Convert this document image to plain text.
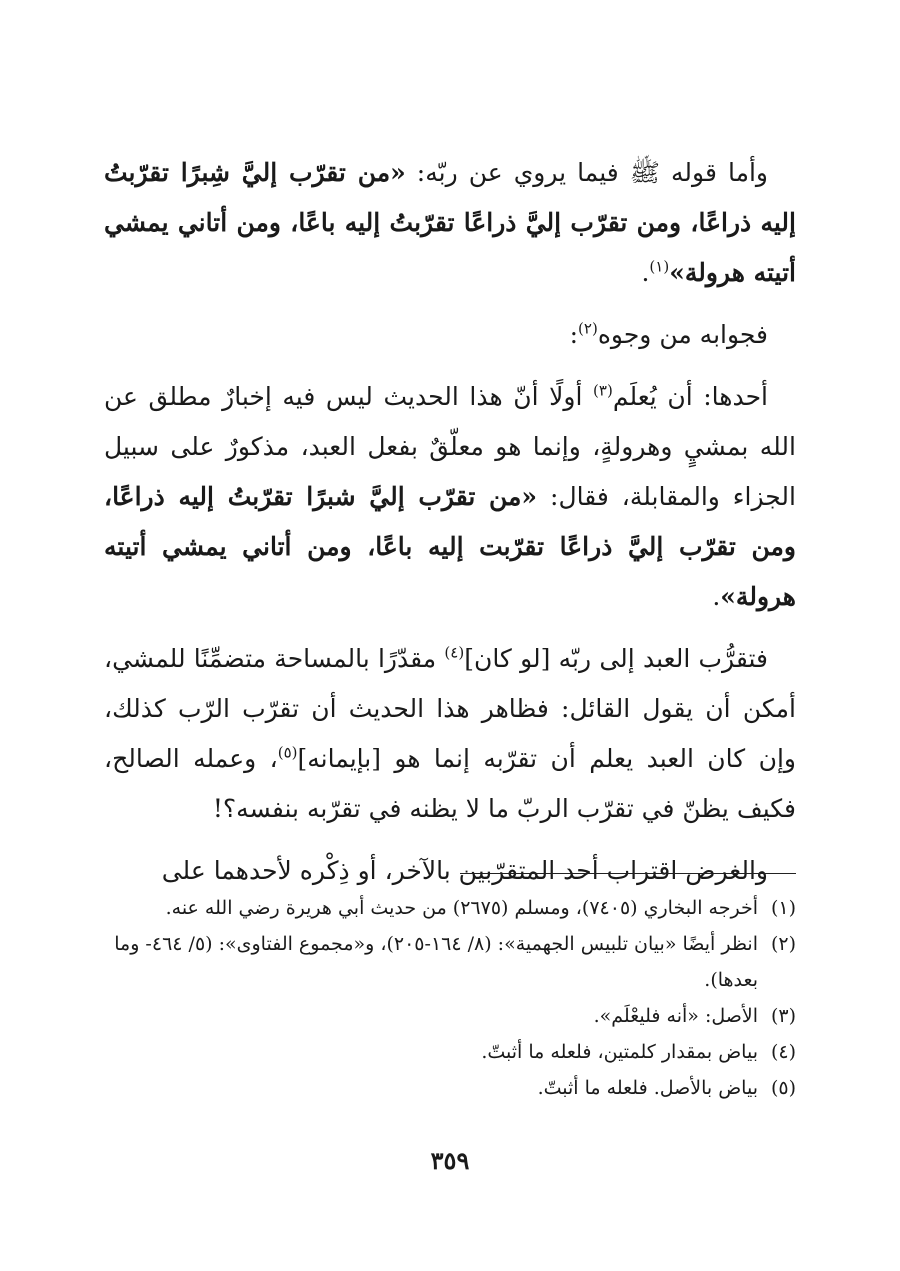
وأما قوله ﷺ فيما يروي عن ربّه: «من تقرّب إليَّ شِبرًا تقرّبتُ إليه ذراعًا، ومن تقرّب إليَّ ذراعًا تقرّبتُ إليه باعًا، ومن أتاني يمشي أتيته هرولة»$^{(١)}$.

فجوابه من وجوه$^{(٢)}$:

أحدها: أن يُعلَم$^{(٣)}$ أولًا أنّ هذا الحديث ليس فيه إخبارٌ مطلق عن الله بمشيٍ وهرولةٍ، وإنما هو معلّقٌ بفعل العبد، مذكورٌ على سبيل الجزاء والمقابلة، فقال: «من تقرّب إليَّ شبرًا تقرّبتُ إليه ذراعًا، ومن تقرّب إليَّ ذراعًا تقرّبت إليه باعًا، ومن أتاني يمشي أتيته هرولة».

فتقرُّب العبد إلى ربّه [لو كان]$^{(٤)}$ مقدّرًا بالمساحة متضمِّنًا للمشي، أمكن أن يقول القائل: فظاهر هذا الحديث أن تقرّب الرّب كذلك، وإن كان العبد يعلم أن تقرّبه إنما هو [بإيمانه]$^{(٥)}$، وعمله الصالح، فكيف يظنّ في تقرّب الربّ ما لا يظنه في تقرّبه بنفسه؟!

والغرض اقتراب أحد المتقرّبين بالآخر، أو ذِكْره لأحدهما على

(١)
أخرجه البخاري (٧٤٠٥)، ومسلم (٢٦٧٥) من حديث أبي هريرة رضي الله عنه.
(٢)
انظر أيضًا «بيان تلبيس الجهمية»: (٨/ ١٦٤-٢٠٥)، و«مجموع الفتاوى»: (٥/ ٤٦٤- وما بعدها).
(٣)
الأصل: «أنه فليعْلَم».
(٤)
بياض بمقدار كلمتين، فلعله ما أثبتّ.
(٥)
بياض بالأصل. فلعله ما أثبتّ.
٣٥٩
